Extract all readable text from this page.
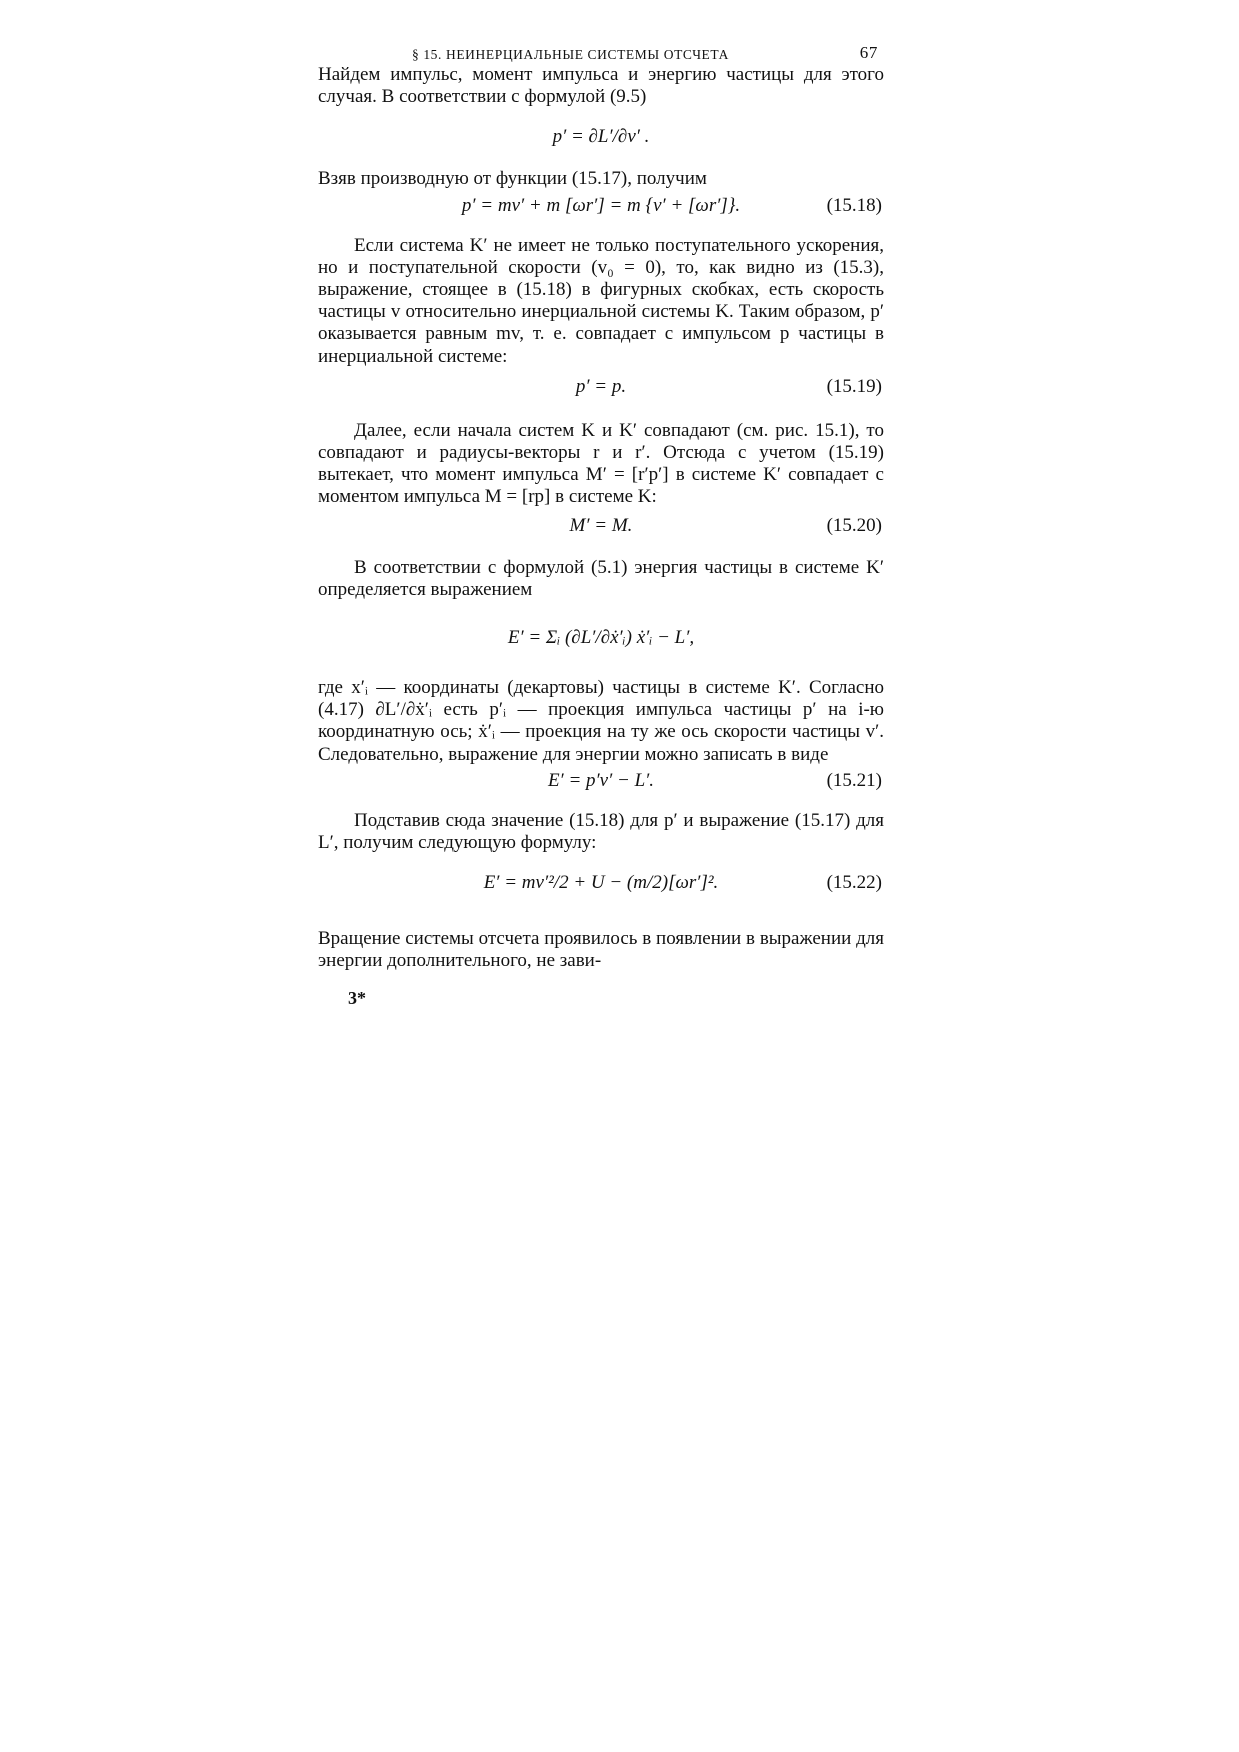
§ 15. НЕИНЕРЦИАЛЬНЫЕ СИСТЕМЫ ОТСЧЕТА	67

Найдем импульс, момент импульса и энергию частицы для этого случая. В соответствии с формулой (9.5)

p′ = ∂L′/∂v′ .

Взяв производную от функции (15.17), получим

p′ = mv′ + m [ωr′] = m {v′ + [ωr′]}.	(15.18)

Если система K′ не имеет не только поступательного ускорения, но и поступательной скорости (v₀ = 0), то, как видно из (15.3), выражение, стоящее в (15.18) в фигурных скобках, есть скорость частицы v относительно инерциальной системы K. Таким образом, p′ оказывается равным mv, т. е. совпадает с импульсом p частицы в инерциальной системе:

p′ = p.	(15.19)

Далее, если начала систем K и K′ совпадают (см. рис. 15.1), то совпадают и радиусы-векторы r и r′. Отсюда с учетом (15.19) вытекает, что момент импульса M′ = [r′p′] в системе K′ совпадает с моментом импульса M = [rp] в системе K:

M′ = M.	(15.20)

В соответствии с формулой (5.1) энергия частицы в системе K′ определяется выражением

E′ = Σᵢ (∂L′/∂ẋ′ᵢ) ẋ′ᵢ − L′,

где x′ᵢ — координаты (декартовы) частицы в системе K′. Согласно (4.17) ∂L′/∂ẋ′ᵢ есть p′ᵢ — проекция импульса частицы p′ на i-ю координатную ось; ẋ′ᵢ — проекция на ту же ось скорости частицы v′. Следовательно, выражение для энергии можно записать в виде

E′ = p′v′ − L′.	(15.21)

Подставив сюда значение (15.18) для p′ и выражение (15.17) для L′, получим следующую формулу:

E′ = mv′²/2 + U − (m/2)[ωr′]².	(15.22)

Вращение системы отсчета проявилось в появлении в выражении для энергии дополнительного, не зави-

3*
